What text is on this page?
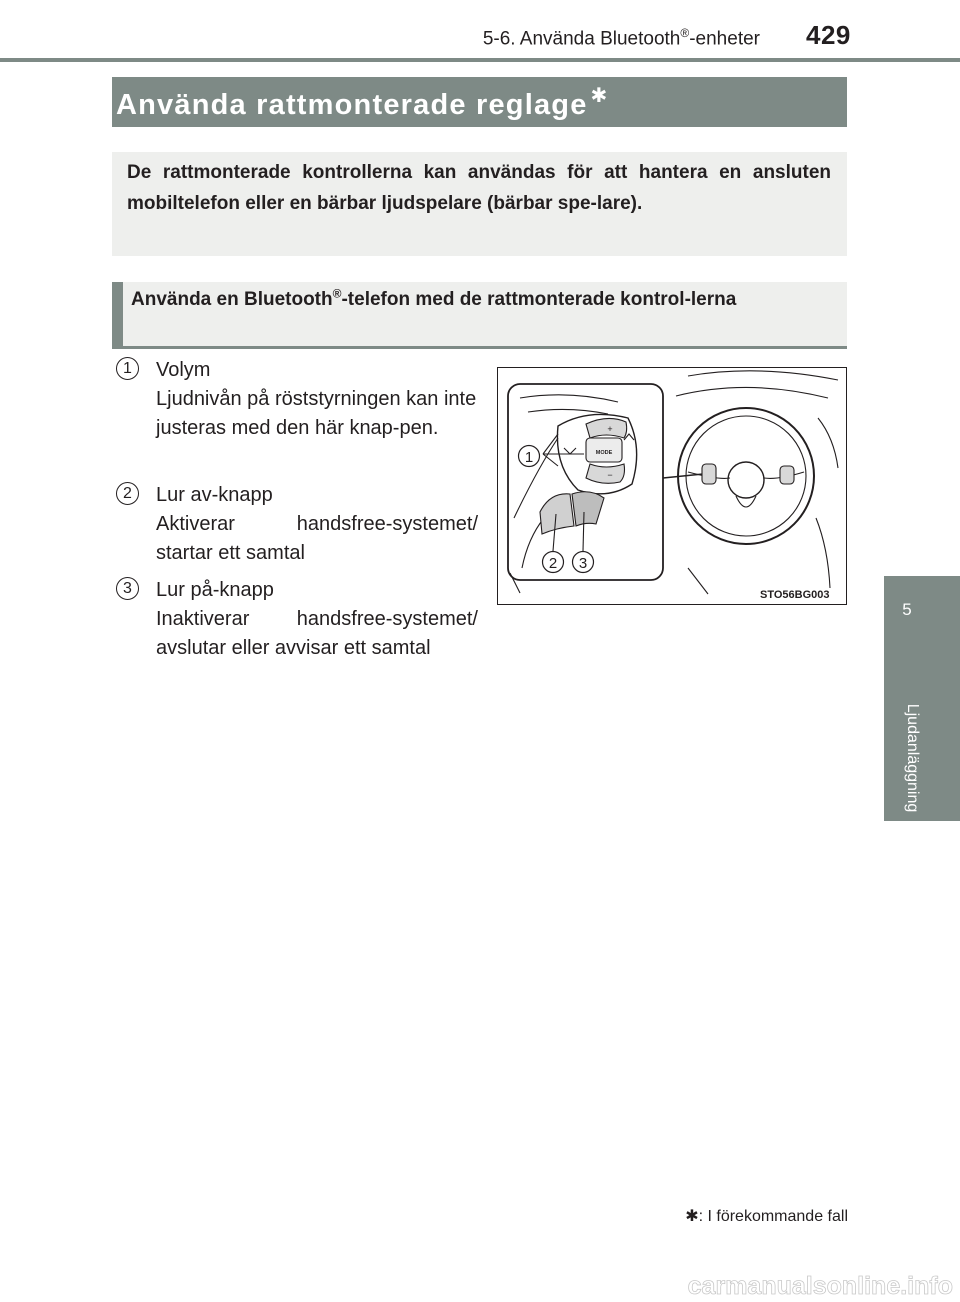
5-6. Använda Bluetooth®-enheter 429
5
Ljudanläggning
Använda rattmonterade reglage ✱
De rattmonterade kontrollerna kan användas för att hantera en ansluten mobiltelefon eller en bärbar ljudspelare (bärbar spe-lare).
Använda en Bluetooth®-telefon med de rattmonterade kontrol-lerna
1	Volym
Ljudnivån på röststyrningen kan inte justeras med den här knap-pen.
2	Lur av-knapp
Aktiverar handsfree-systemet/ startar ett samtal
3	Lur på-knapp
Inaktiverar handsfree-systemet/ avslutar eller avvisar ett samtal
1
2 3
MODE
+
−
STO56BG003
✱: I förekommande fall
carmanualsonline.info
